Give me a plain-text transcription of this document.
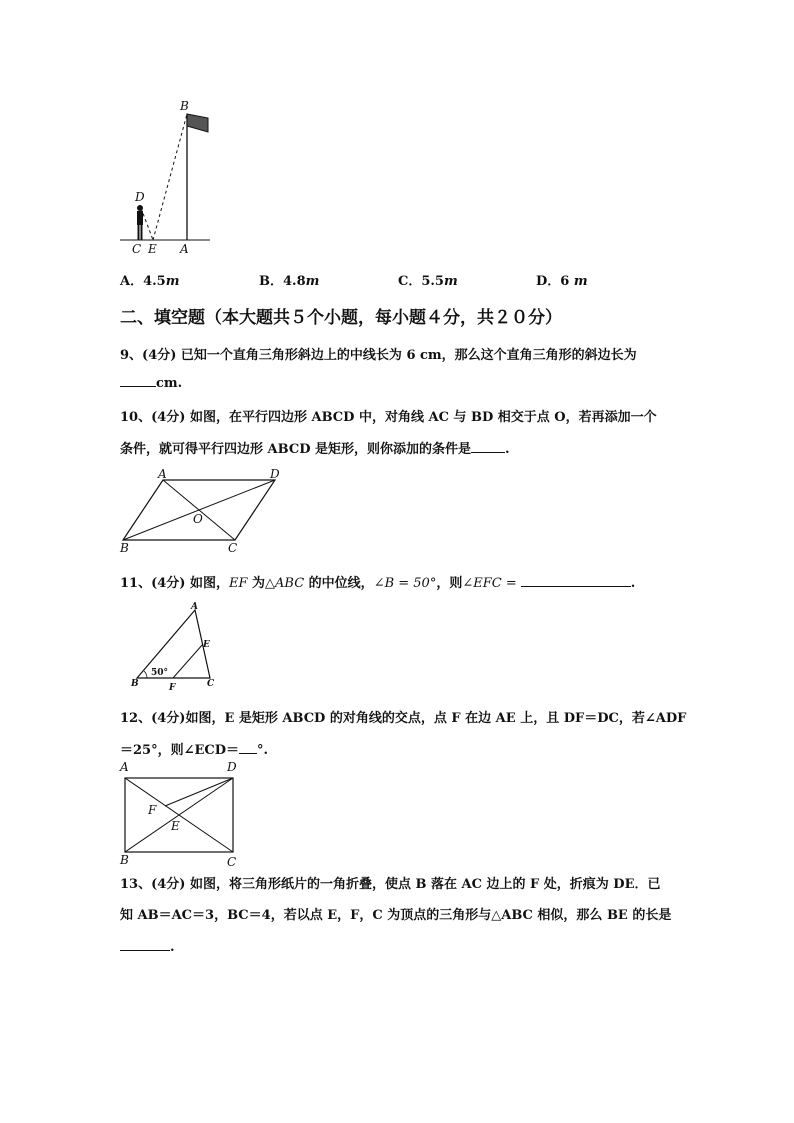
B
D
C E A
A．4.5m	B．4.8m	C．5.5m	D．6 m
二、填空题（本大题共５个小题，每小题４分，共２０分）
9、(4分) 已知一个直角三角形斜边上的中线长为 6 cm，那么这个直角三角形的斜边长为
cm.
10、(4分) 如图，在平行四边形 ABCD 中，对角线 AC 与 BD 相交于点 O，若再添加一个
条件，就可得平行四边形 ABCD 是矩形，则你添加的条件是	.
A	D
O
B	C
11、(4分) 如图，EF 为△ABC 的中位线，∠B = 50°，则∠EFC =	.
A
E
50°
B	F	C
12、(4分)如图，E 是矩形 ABCD 的对角线的交点，点 F 在边 AE 上，且 DF＝DC，若∠ADF
＝25°，则∠ECD＝ °.
A	D
F
E
B	C
13、(4分) 如图，将三角形纸片的一角折叠，使点 B 落在 AC 边上的 F 处，折痕为 DE．已
知 AB＝AC＝3，BC＝4，若以点 E，F，C 为顶点的三角形与△ABC 相似，那么 BE 的长是
.
